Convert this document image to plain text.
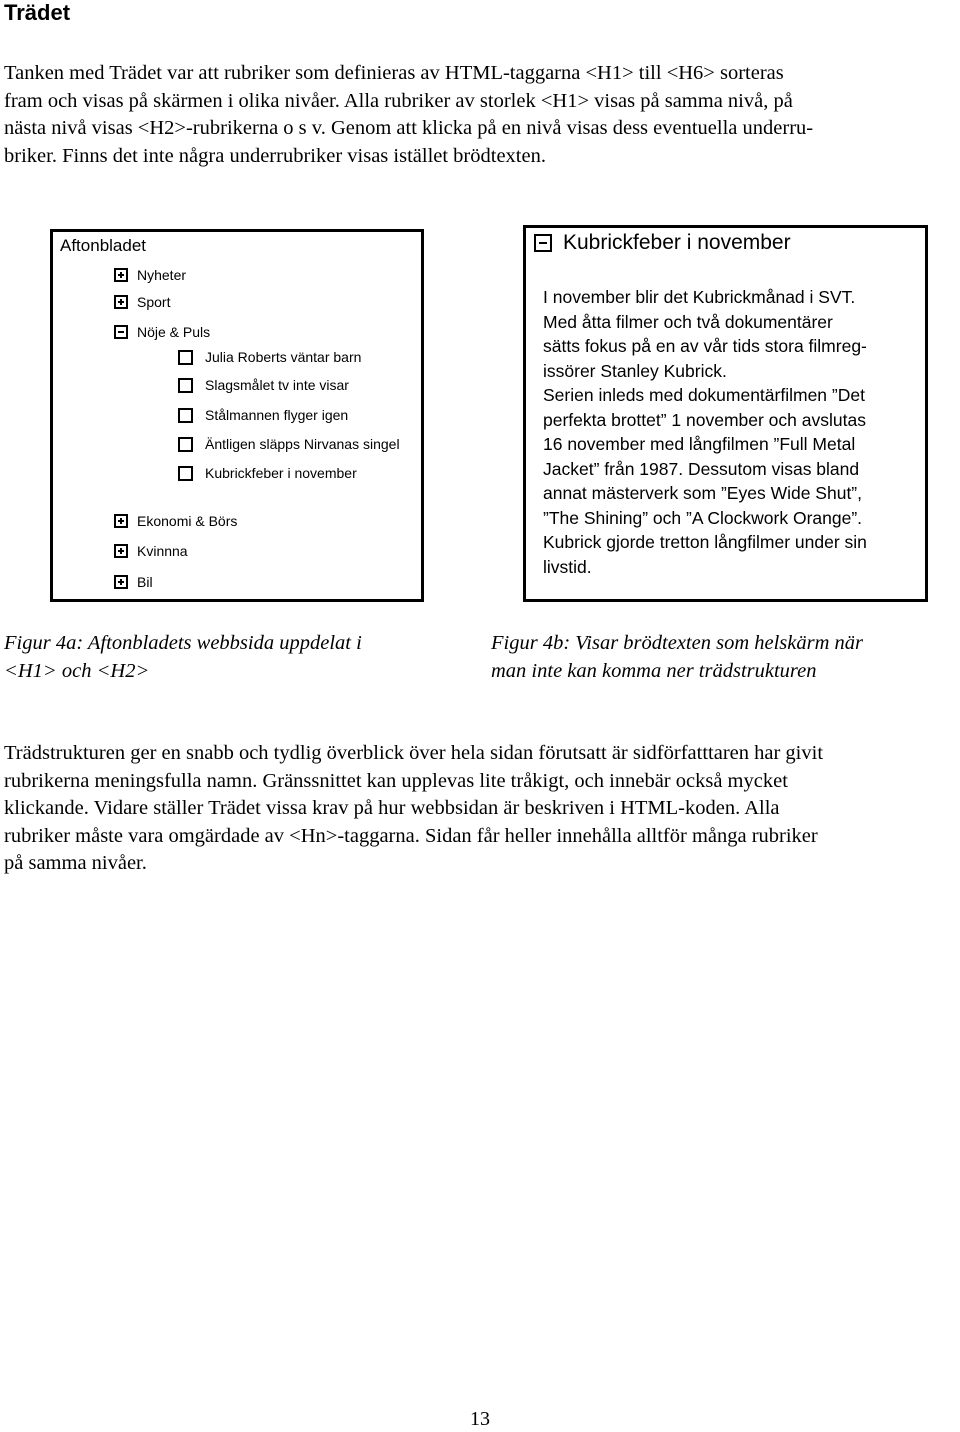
Trädet

Tanken med Trädet var att rubriker som definieras av HTML-taggarna <H1> till <H6> sorteras
fram och visas på skärmen i olika nivåer. Alla rubriker av storlek <H1> visas på samma nivå, på
nästa nivå visas <H2>-rubrikerna o s v. Genom att klicka på en nivå visas dess eventuella underru-
briker. Finns det inte några underrubriker visas istället brödtexten.

Aftonbladet
Nyheter
Sport
Nöje & Puls
Julia Roberts väntar barn
Slagsmålet tv inte visar
Stålmannen flyger igen
Äntligen släpps Nirvanas singel
Kubrickfeber i november
Ekonomi & Börs
Kvinnna
Bil
Kubrickfeber i november
I november blir det Kubrickmånad i SVT.
Med åtta filmer och två dokumentärer
sätts fokus på en av vår tids stora filmreg-
issörer Stanley Kubrick.
Serien inleds med dokumentärfilmen ”Det
perfekta brottet” 1 november och avslutas
16 november med långfilmen ”Full Metal
Jacket” från 1987. Dessutom visas bland
annat mästerverk som ”Eyes Wide Shut”,
”The Shining” och ”A Clockwork Orange”.
Kubrick gjorde tretton långfilmer under sin
livstid.

Figur 4a: Aftonbladets webbsida uppdelat i
<H1> och <H2>

Figur 4b: Visar brödtexten som helskärm när
man inte kan komma ner trädstrukturen

Trädstrukturen ger en snabb och tydlig överblick över hela sidan förutsatt är sidförfatttaren har givit
rubrikerna meningsfulla namn. Gränssnittet kan upplevas lite tråkigt, och innebär också mycket
klickande. Vidare ställer Trädet vissa krav på hur webbsidan är beskriven i HTML-koden. Alla
rubriker måste vara omgärdade av <Hn>-taggarna. Sidan får heller innehålla alltför många rubriker
på samma nivåer.

13
